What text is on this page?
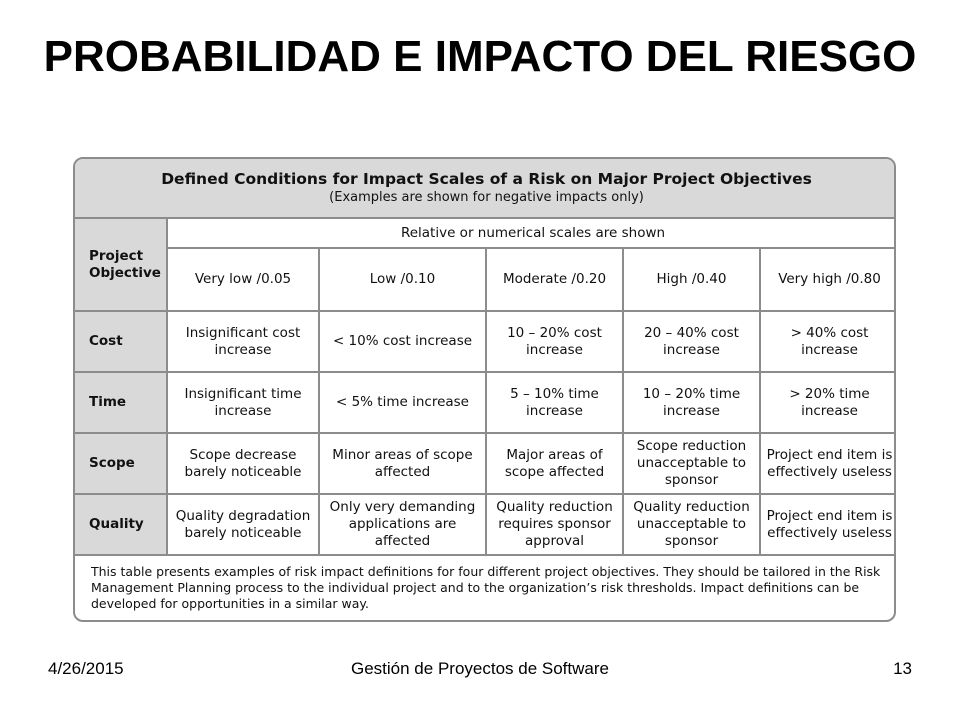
PROBABILIDAD E IMPACTO DEL RIESGO
Defined Conditions for Impact Scales of a Risk on Major Project Objectives
(Examples are shown for negative impacts only)					

Project Objective	Relative or numerical scales are shown				
	Very low /0.05	Low /0.10	Moderate /0.20	High /0.40	Very high /0.80
Cost	Insignificant cost increase	< 10% cost increase	10 – 20% cost increase	20 – 40% cost increase	> 40% cost increase
Time	Insignificant time increase	< 5% time increase	5 – 10% time increase	10 – 20% time increase	> 20% time increase
Scope	Scope decrease barely noticeable	Minor areas of scope affected	Major areas of scope affected	Scope reduction unacceptable to sponsor	Project end item is effectively useless
Quality	Quality degradation barely noticeable	Only very demanding applications are affected	Quality reduction requires sponsor approval	Quality reduction unacceptable to sponsor	Project end item is effectively useless
This table presents examples of risk impact definitions for four different project objectives. They should be tailored in the Risk Management Planning process to the individual project and to the organization’s risk thresholds. Impact definitions can be developed for opportunities in a similar way.					
4/26/2015	Gestión de Proyectos de Software	13
